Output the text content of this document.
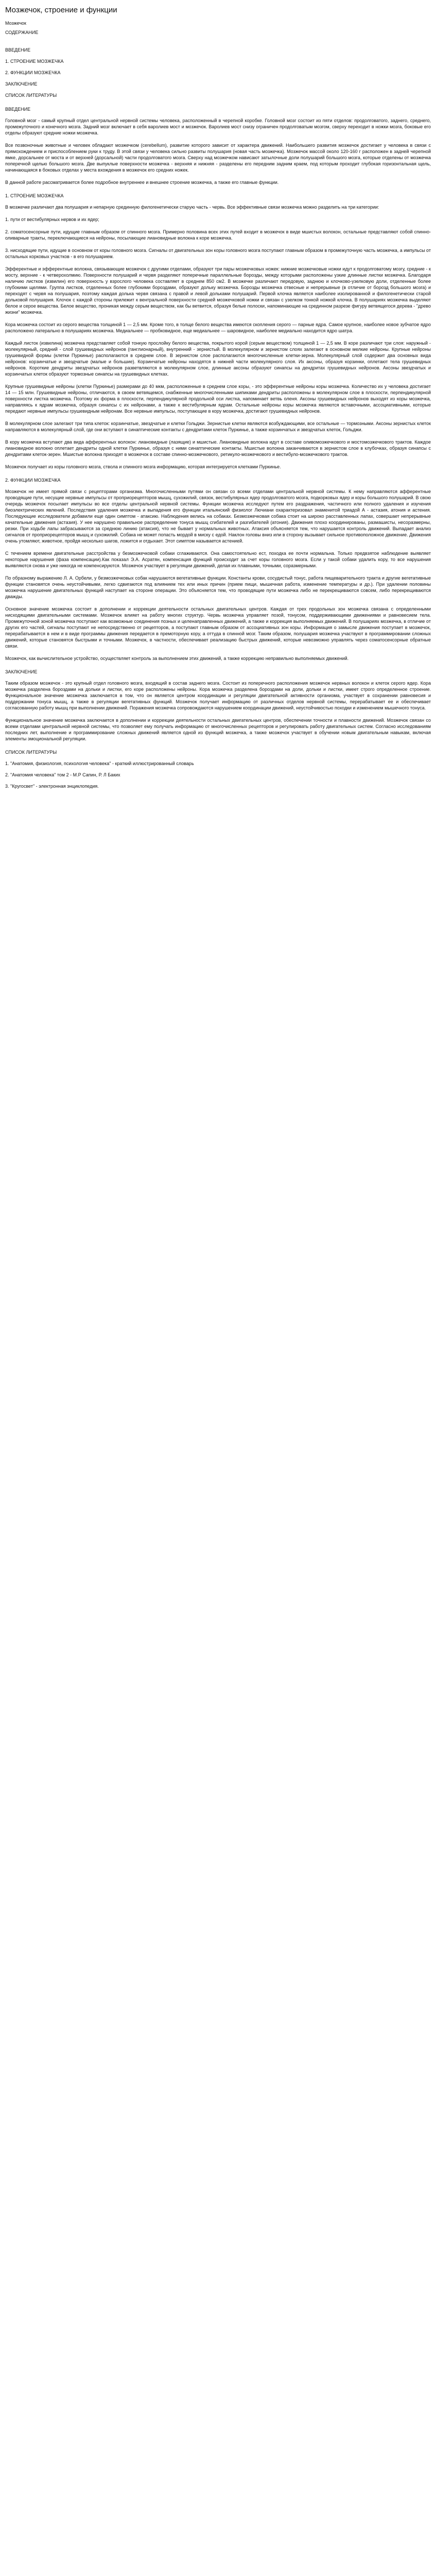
Мозжечок, строение и функции

Мозжечок

СОДЕРЖАНИЕ

ВВЕДЕНИЕ

1. СТРОЕНИЕ МОЗЖЕЧКА

2. ФУНКЦИИ МОЗЖЕЧКА

ЗАКЛЮЧЕНИЕ

СПИСОК ЛИТЕРАТУРЫ

ВВЕДЕНИЕ

Головной мозг - самый крупный отдел центральной нервной системы человека, расположенный в черепной коробке. Головной мозг состоит из пяти отделов: продолговатого, заднего, среднего, промежуточного и конечного мозга. Задний мозг включает в себя варолиев мост и мозжечок. Варолиев мост снизу ограничен продолговатым мозгом, сверху переходит в ножки мозга, боковые его отделы образуют средние ножки мозжечка.

Все позвоночные животные и человек обладают мозжечком (cerebellum), развитие которого зависит от характера движений. Наибольшего развития мозжечок достигает у человека в связи с прямохождением и приспособлением руки к труду. В этой связи у человека сильно развиты полушария (новая часть мозжечка). Мозжечок массой около 120-160 г расположен в задней черепной ямке, дорсальнее от моста и от верхней (дорсальной) части продолговатого мозга. Сверху над мозжечком нависают затылочные доли полушарий большого мозга, которые отделены от мозжечка поперечной щелью большого мозга. Две выпуклые поверхности мозжечка - верхняя и нижняя - разделены его передним задним краем, под которым проходит глубокая горизонтальная щель, начинающаяся в боковых отделах у места вхождения в мозжечок его средних ножек.

В данной работе рассматривается более подробное внутреннее и внешнее строение мозжечка, а также его главные функции.

1. СТРОЕНИЕ МОЗЖЕЧКА

В мозжечке различают два полушария и непарную срединную филогенетически старую часть - червь. Все эффективные связи мозжечка можно разделить на три категории:

1. пути от вестибулярных нервов и их ядер;

2. соматосенсорные пути, идущие главным образом от спинного мозга. Примерно половина всех этих путей входит в мозжечок в виде мшистых волокон, остальные представляют собой спинно-оливарные тракты, переключающиеся на нейроны, посылающие лиановидные волокна к коре мозжечка.

3. нисходящие пути, идущие в основном от коры головного мозга. Сигналы от двигательных зон коры головного мозга поступают главным образом в промежуточную часть мозжечка, а импульсы от остальных корковых участков - в его полушарием.

Эфферентные и эфферентные волокна, связывающие мозжечок с другими отделами, образуют три пары мозжечковых ножек: нижние мозжечковые ножки идут к продолговатому мозгу, средние - к мосту, верхние - к четверохолмию. Поверхности полушарий и червя разделяют поперечные параллельные борозды, между которыми расположены узкие длинные листки мозжечка. Благодаря наличию листков (извилин) его поверхность у взрослого человека составляет в среднем 850 см2. В мозжечке различают передовую, заднюю и клочково-узелковую доли, отделенные более глубокими щелями. Группа листков, отделенных более глубокими бороздами, образуют дольку мозжечка. Борозды мозжечка отвесные и непрерывные (в отличие от борозд большого мозга) и переходят с червя на полушария, поэтому каждая долька червя связана с правой и левой дольками полушарий. Первой клочка является наиболее изолированной и филогенетически старой дольковой полушария. Клочок с каждой стороны прилежит к вентральной поверхности средней мозжечковой ножки и связан с узелком тонкой ножкой клочка. В полушариях мозжечка выделяют белое и серое вещества. Белое вещество, проникая между серым веществом, как бы ветвится, образуя белые полоски, напоминающие на срединном разрезе фигуру ветвящегося дерева - "древо жизни" мозжечка.

Кора мозжечка состоит из серого вещества толщиной 1 — 2,5 мм. Кроме того, в толще белого вещества имеются скопления серого — парные ядра. Самое крупное, наиболее новое зубчатое ядро расположено латерально в полушариях мозжечка. Медиальнее — пробковидное, еще медиальнее — шаровидное, наиболее медиально находится ядро шатра.

Каждый листок (извилина) мозжечка представляет собой тонкую прослойку белого вещества, покрытого корой (серым веществом) толщиной 1 — 2,5 мм. В коре различают три слоя: наружный - молекулярный, средний - слой грушевидных нейронов (ганглионарный), внутренний - зернистый. В молекулярном и зернистом слоях залегают в основном мелкие нейроны. Крупные нейроны грушевидной формы (клетки Пуркинье) располагаются в среднем слое. В зернистом слое располагаются многочисленные клетки-зерна. Молекулярный слой содержит два основных вида нейронов: корзинчатые и звездчатые (малые и большие). Корзинчатые нейроны находятся в нижней части молекулярного слоя. Их аксоны, образуя корзинки, оплетают тела грушевидных нейронов. Короткие дендриты звездчатых нейронов разветвляются в молекулярном слое, длинные аксоны образуют синапсы на дендритах грушевидных нейронов. Аксоны звездчатых и корзинчатых клеток образуют тормозные синапсы на грушевидных клетках.

Крупные грушевидные нейроны (клетки Пуркинье) размерами до 40 мкм, расположенные в среднем слое коры, - это эфферентные нейроны коры мозжечка. Количество их у человека достигает 14 — 15 млн. Грушевидные нейроны, отличаются, в своем ветвящемся, снабженные многочисленными шипиками дендриты расположены в молекулярном слое в плоскости, перпендикулярной поверхности листка мозжечка. Поэтому их форма в плоскости, перпендикулярной продольной оси листка, напоминает ветвь оленя. Аксоны грушевидных нейронов выходят из коры мозжечка, направляясь к ядрам мозжечка, образуя синапсы с их нейронами, а также к вестибулярным ядрам. Остальные нейроны коры мозжечка являются вставочными, ассоциативными, которые передают нервные импульсы грушевидным нейронам. Все нервные импульсы, поступающие в кору мозжечка, достигают грушевидных нейронов.

В молекулярном слое залегают три типа клеток: корзинчатые, звездчатые и клетки Гольджи. Зернистые клетки являются возбуждающими, все остальные — тормозными. Аксоны зернистых клеток направляются в молекулярный слой, где они вступают в синаптические контакты с дендритами клеток Пуркинье, а также корзинчатых и звездчатых клеток, Гольджи.

В кору мозжечка вступают два вида афферентных волокон: лиановидные (лазящие) и мшистые. Лиановидные волокна идут в составе оливомозжечкового и мостомозжечкового трактов. Каждое лиановидное волокно оплетает дендриты одной клетки Пуркинье, образуя с ними синаптические контакты. Мшистые волокна заканчиваются в зернистом слое в клубочках, образуя синапсы с дендритами клеток-зерен. Мшистые волокна приходят в мозжечок в составе спинно-мозжечкового, ретикуло-мозжечкового и вестибуло-мозжечкового трактов.

Мозжечок получает из коры головного мозга, ствола и спинного мозга информацию, которая интегрируется клетками Пуркинье.

2. ФУНКЦИИ МОЗЖЕЧКА

Мозжечок не имеет прямой связи с рецепторами организма. Многочисленными путями он связан со всеми отделами центральной нервной системы. К нему направляются афферентные проводящие пути, несущие нервные импульсы от проприорецепторов мышц, сухожилий, связок, вестибулярных ядер продолговатого мозга, подкорковых ядер и коры большого полушарий. В свою очередь мозжечок посылает импульсы во все отделы центральной нервной системы. Функции мозжечка исследуют путем его раздражения, частичного или полного удаления и изучения биоэлектрических явлений. Последствия удаления мозжечка и выпадения его функции итальянский физиолог Лючиани охарактеризовал знаменитой триадой А - астазия, атония и астения. Последующие исследователи добавили еще один симптом - атаксию. Наблюдения велись на собаках. Безмозжечковая собака стоит на широко расставленных лапах, совершает непрерывные качательные движения (астазия). У нее нарушено правильное распределение тонуса мышц сгибателей и разгибателей (атония). Движения плохо координированы, размашисты, несоразмерны, резки. При ходьбе лапы забрасываются за среднюю линию (атаксия), что не бывает у нормальных животных. Атаксия объясняется тем, что нарушается контроль движений. Выпадает анализ сигналов от проприорецепторов мышц и сухожилий. Собака не может попасть мордой в миску с едой. Наклон головы вниз или в сторону вызывает сильное противоположное движение. Движения очень утомляют, животное, пройдя несколько шагов, ложится и отдыхает. Этот симптом называется астенией.

С течением времени двигательные расстройства у безмозжечковой собаки сглаживаются. Она самостоятельно ест, походка ее почти нормальна. Только предвзятое наблюдение выявляет некоторые нарушения (фаза компенсации).Как показал Э.А. Асратян, компенсация функций происходит за счет коры головного мозга. Если у такой собаки удалить кору, то все нарушения выявляются снова и уже никогда не компенсируются. Мозжечок участвует в регуляции движений, делая их плавными, точными, соразмерными.

По образному выражению Л. А. Орбели, у безмозжечковых собак нарушаются вегетативные функции. Константы крови, сосудистый тонус, работа пищеварительного тракта и другие вегетативные функции становятся очень неустойчивыми, легко сдвигаются под влиянием тех или иных причин (прием пищи, мышечная работа, изменение температуры и др.). При удалении половины мозжечка нарушение двигательных функций наступает на стороне операции. Это объясняется тем, что проводящие пути мозжечка либо не перекрещиваются совсем, либо перекрещиваются дважды.

Основное значение мозжечка состоит в дополнении и коррекции деятельности остальных двигательных центров. Каждая от трех продольных зон мозжечка связана с определенными нисходящими двигательными системами. Мозжечок влияет на работу многих структур. Червь мозжечка управляет позой, тонусом, поддерживающими движениями и равновесием тела. Промежуточной зоной мозжечка поступают как возможные соединения позных и целенаправленных движений, а также и коррекция выполняемых движений. В полушариях мозжечка, в отличие от других его частей, сигналы поступают не непосредственно от рецепторов, а поступают главным образом от ассоциативных зон коры. Информация о замысле движения поступает в мозжечок, перерабатывается в нем и в виде программы движения передается в премоторную кору, а оттуда в спинной мозг. Таким образом, полушария мозжечка участвуют в программировании сложных движений, которые становятся быстрыми и точными. Мозжечок, в частности, обеспечивает реализацию быстрых движений, которые невозможно управлять через соматосенсорные обратные связи.

Мозжечок, как вычислительное устройство, осуществляет контроль за выполнением этих движений, а также коррекцию неправильно выполняемых движений.

ЗАКЛЮЧЕНИЕ

Таким образом мозжечок - это крупный отдел головного мозга, входящий в состав заднего мозга. Состоит из поперечного расположения мозжечок нервных волокон и клеток серого ядер. Кора мозжечка разделена бороздами на дольки и листки, его коре расположены нейроны. Кора мозжечка разделена бороздами на доли, дольки и листки, имеет строго определенное строение. Функциональное значение мозжечка заключается в том, что он является центром координации и регуляции двигательной активности организма, участвует в сохранении равновесия и поддержании тонуса мышц, а также в регуляции вегетативных функций. Мозжечок получает информацию от различных отделов нервной системы, перерабатывает ее и обеспечивает согласованную работу мышц при выполнении движений. Поражения мозжечка сопровождаются нарушением координации движений, неустойчивостью походки и изменением мышечного тонуса.

Функциональное значение мозжечка заключается в дополнении и коррекции деятельности остальных двигательных центров, обеспечении точности и плавности движений. Мозжечок связан со всеми отделами центральной нервной системы, что позволяет ему получать информацию от многочисленных рецепторов и регулировать работу двигательных систем. Согласно исследованиям последних лет, выполнение и программирование сложных движений является одной из функций мозжечка, а также мозжечок участвует в обучении новым двигательным навыкам, включая элементы эмоциональной регуляции.

СПИСОК ЛИТЕРАТУРЫ

1. "Анатомия, физиология, психология человека" - краткий иллюстрированный словарь

2. "Анатомия человека" том 2 - М.Р Сапин, Р. Л Баких

3. "Кругосвет" - электронная энциклопедия.
